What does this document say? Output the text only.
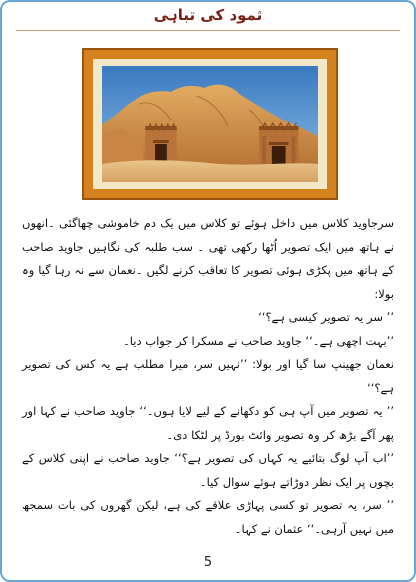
ثمود کی تباہی

سرجاوید کلاس میں داخل ہوئے تو کلاس میں یک دم خاموشی چھاگئی ۔انھوں نے ہاتھ میں ایک تصویر اُٹھا رکھی تھی ۔ سب طلبہ کی نگاہیں جاوید صاحب کے ہاتھ میں پکڑی ہوئی تصویر کا تعاقب کرنے لگیں ۔نعمان سے نہ رہا گیا وہ بولا:

’’ سر یہ تصویر کیسی ہے؟‘‘

’’بہت اچھی ہے۔‘‘ جاوید صاحب نے مسکرا کر جواب دیا۔

نعمان جھینپ سا گیا اور بولا: ’’نہیں سر، میرا مطلب ہے یہ کس کی تصویر ہے؟‘‘

’’ یہ تصویر میں آپ ہی کو دکھانے کے لیے لایا ہوں۔‘‘ جاوید صاحب نے کہا اور پھر آگے بڑھ کر وہ تصویر وائٹ بورڈ پر لٹکا دی۔

’’اب آپ لوگ بتائیے یہ کہاں کی تصویر ہے؟‘‘ جاوید صاحب نے اپنی کلاس کے بچوں پر ایک نظر دوڑاتے ہوئے سوال کیا۔

’’ سر، یہ تصویر تو کسی پہاڑی علاقے کی ہے، لیکن گھروں کی بات سمجھ میں نہیں آرہی۔‘‘ عثمان نے کہا۔

5
